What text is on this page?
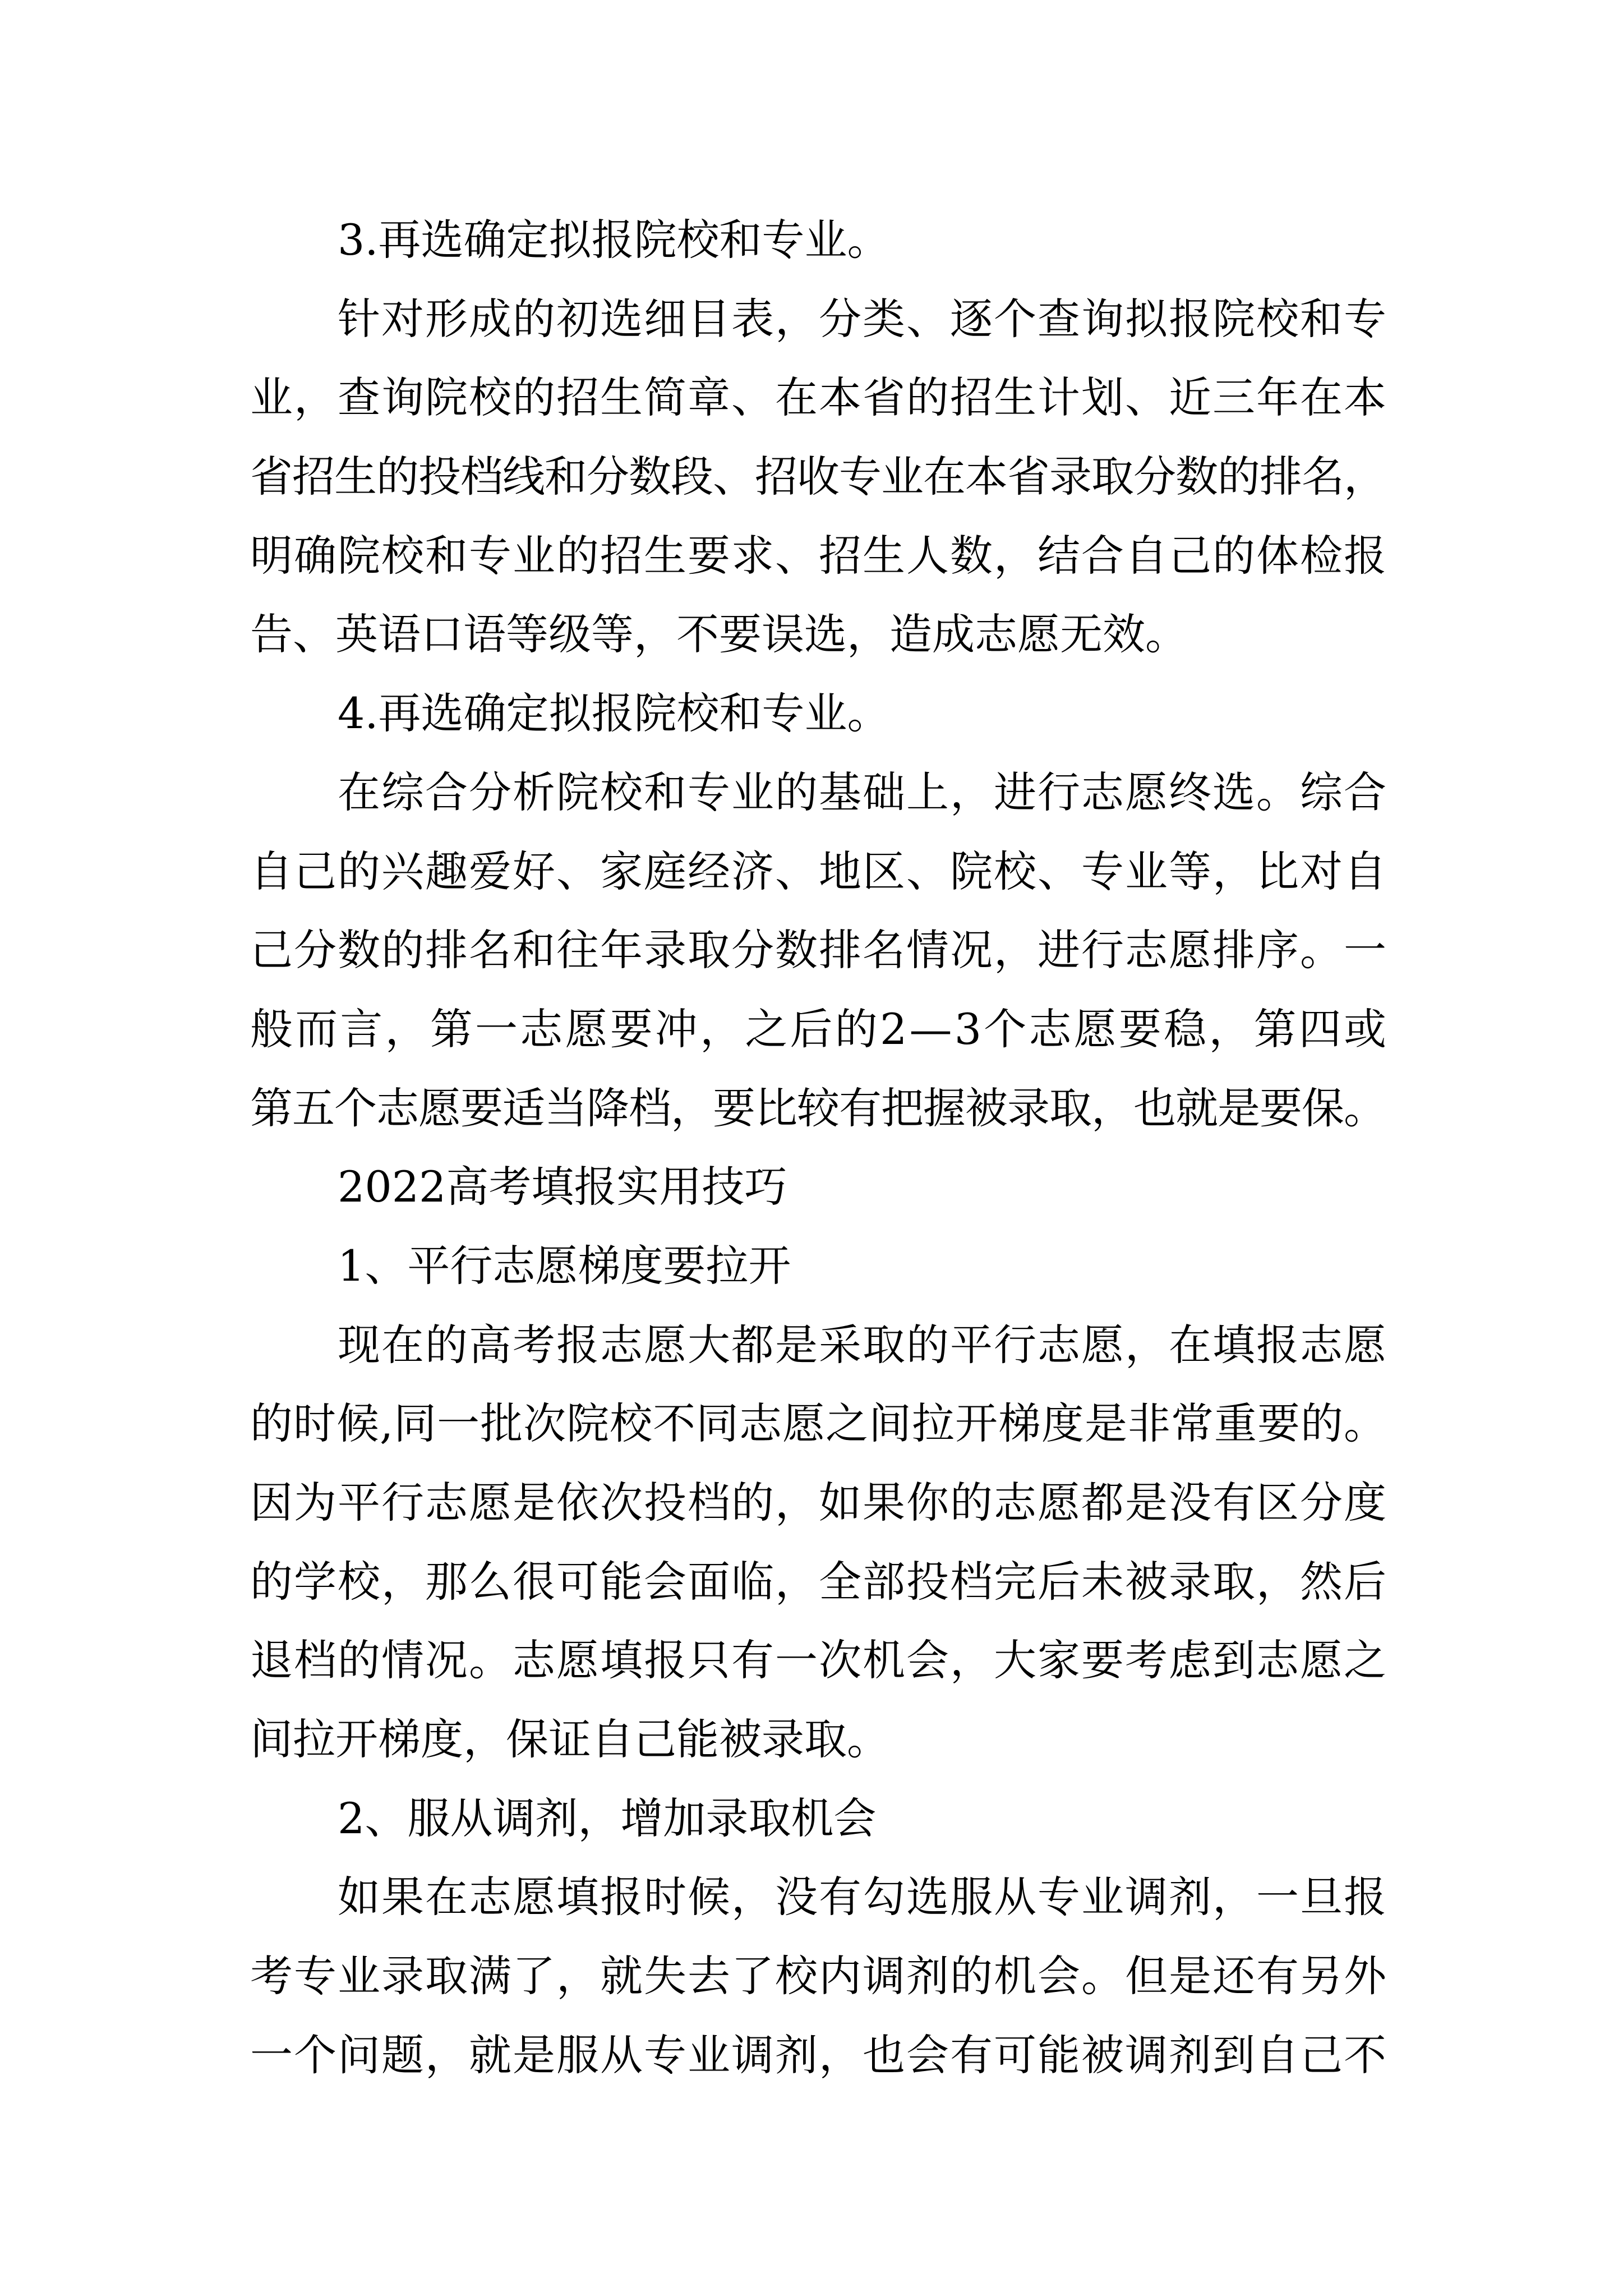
3.再选确定拟报院校和专业。
针对形成的初选细目表，分类、逐个查询拟报院校和专
业，查询院校的招生简章、在本省的招生计划、近三年在本
省招生的投档线和分数段、招收专业在本省录取分数的排名，
明确院校和专业的招生要求、招生人数，结合自己的体检报
告、英语口语等级等，不要误选，造成志愿无效。
4.再选确定拟报院校和专业。
在综合分析院校和专业的基础上，进行志愿终选。综合
自己的兴趣爱好、家庭经济、地区、院校、专业等，比对自
己分数的排名和往年录取分数排名情况，进行志愿排序。一
般而言，第一志愿要冲，之后的2—3个志愿要稳，第四或
第五个志愿要适当降档，要比较有把握被录取，也就是要保。
2022高考填报实用技巧
1、平行志愿梯度要拉开
现在的高考报志愿大都是采取的平行志愿，在填报志愿
的时候,同一批次院校不同志愿之间拉开梯度是非常重要的。
因为平行志愿是依次投档的，如果你的志愿都是没有区分度
的学校，那么很可能会面临，全部投档完后未被录取，然后
退档的情况。志愿填报只有一次机会，大家要考虑到志愿之
间拉开梯度，保证自己能被录取。
2、服从调剂，增加录取机会
如果在志愿填报时候，没有勾选服从专业调剂，一旦报
考专业录取满了，就失去了校内调剂的机会。但是还有另外
一个问题，就是服从专业调剂，也会有可能被调剂到自己不
